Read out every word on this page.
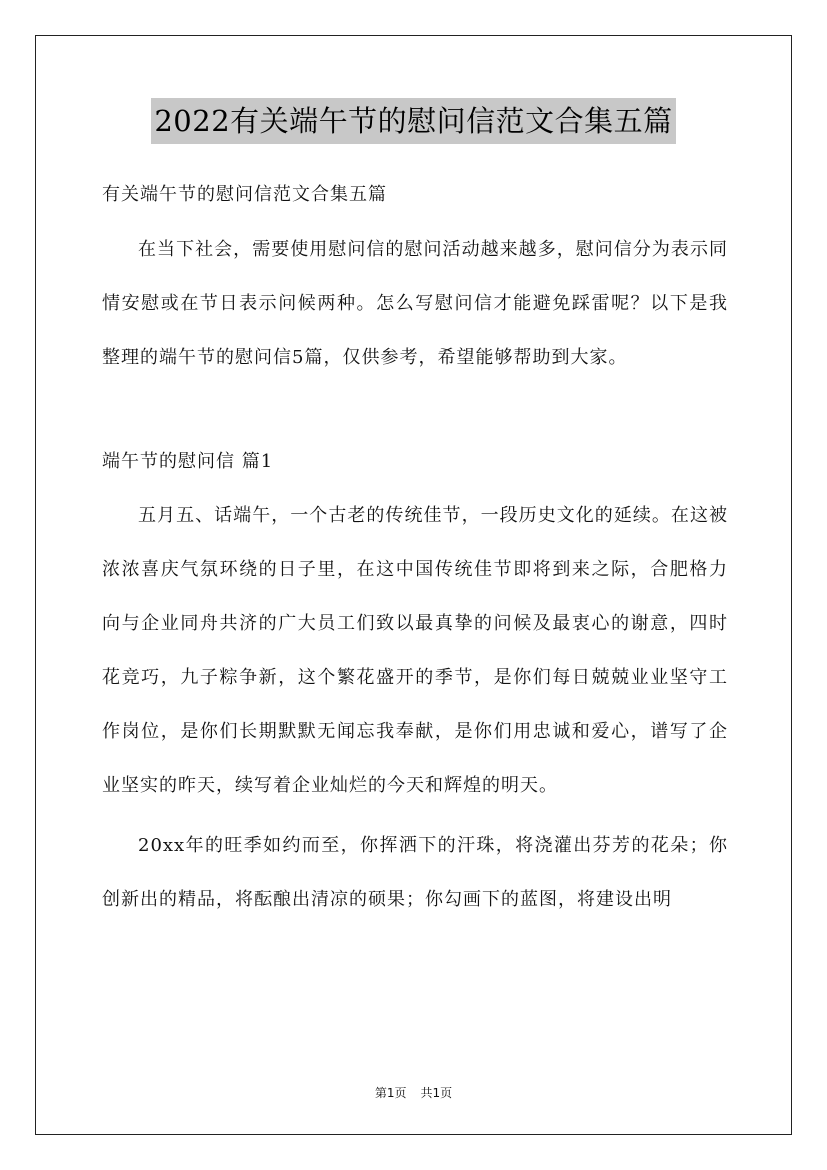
2022有关端午节的慰问信范文合集五篇

有关端午节的慰问信范文合集五篇

在当下社会，需要使用慰问信的慰问活动越来越多，慰问信分为表示同情安慰或在节日表示问候两种。怎么写慰问信才能避免踩雷呢？以下是我整理的端午节的慰问信5篇，仅供参考，希望能够帮助到大家。

端午节的慰问信 篇1

五月五、话端午，一个古老的传统佳节，一段历史文化的延续。在这被浓浓喜庆气氛环绕的日子里，在这中国传统佳节即将到来之际，合肥格力向与企业同舟共济的广大员工们致以最真挚的问候及最衷心的谢意，四时花竞巧，九子粽争新，这个繁花盛开的季节，是你们每日兢兢业业坚守工作岗位，是你们长期默默无闻忘我奉献，是你们用忠诚和爱心，谱写了企业坚实的昨天，续写着企业灿烂的今天和辉煌的明天。

20xx年的旺季如约而至，你挥洒下的汗珠，将浇灌出芬芳的花朵；你创新出的精品，将酝酿出清凉的硕果；你勾画下的蓝图，将建设出明

第1页 共1页
